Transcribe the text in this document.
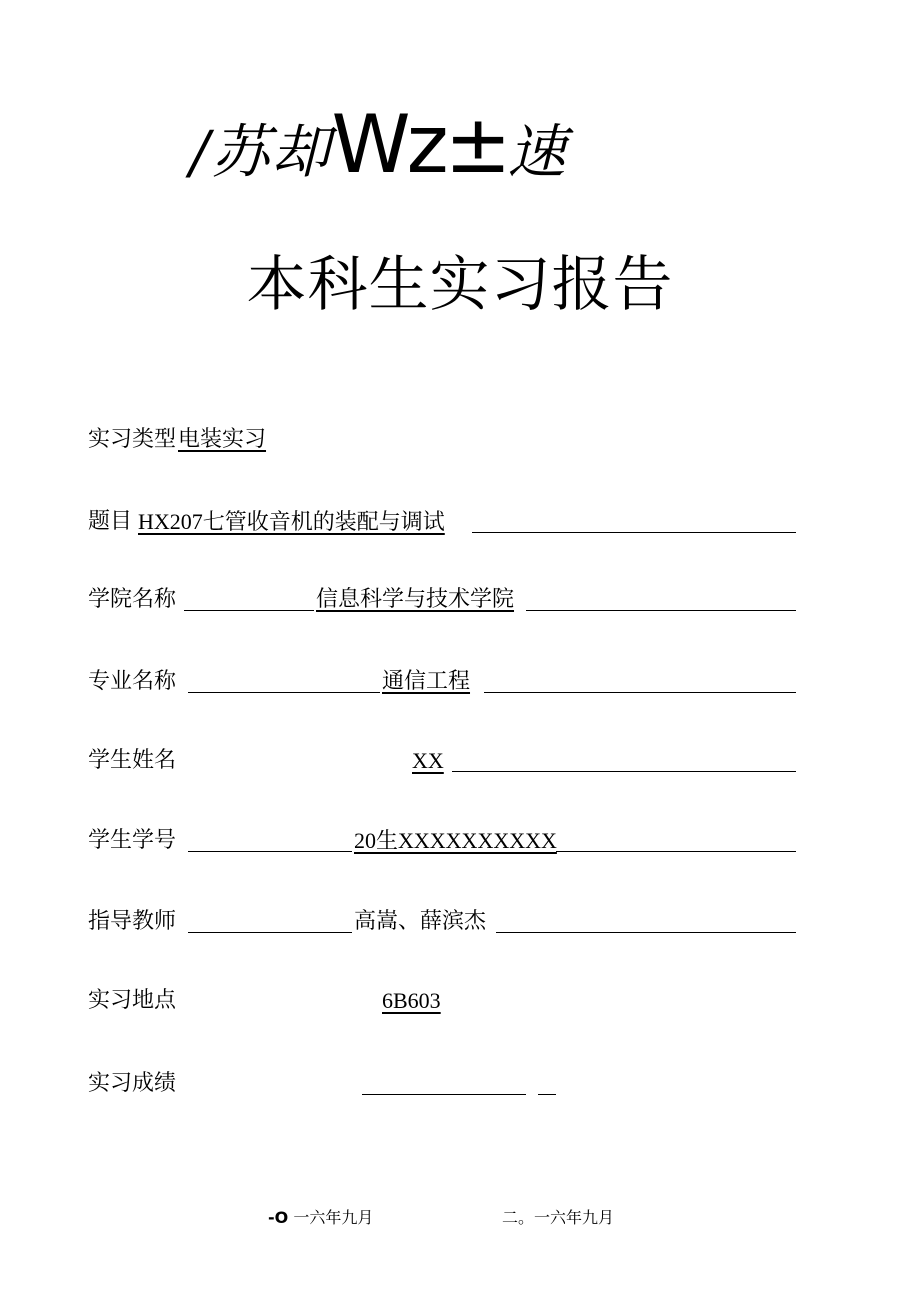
/苏却Wz±速
本科生实习报告
实习类型 电装实习
题目 HX207七管收音机的装配与调试
学院名称	信息科学与技术学院
专业名称	通信工程
学生姓名	XX
学生学号	20生XXXXXXXXXX
指导教师	高嵩、薛滨杰
实习地点	6B603
实习成绩
-O 一六年九月	二。一六年九月
